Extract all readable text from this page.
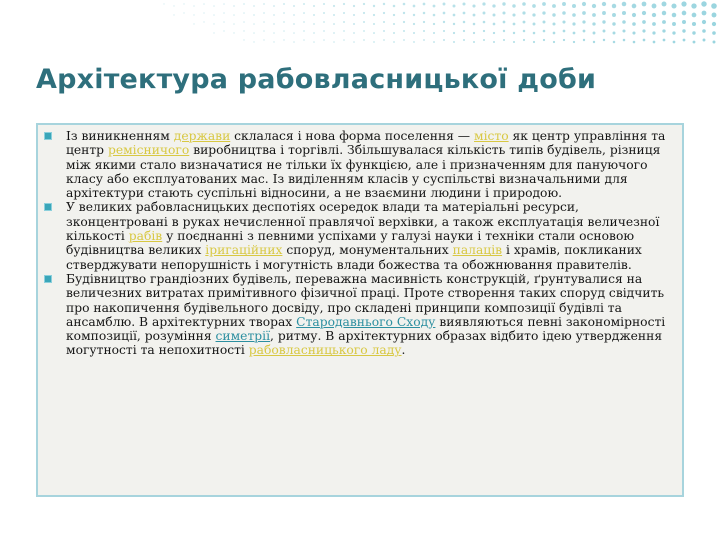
Архітектура рабовласницької доби
Із виникненням держави склалася і нова форма поселення — місто як центр управління та центр ремісничого виробництва і торгівлі. Збільшувалася кількість типів будівель, різниця між якими стало визначатися не тільки їх функцією, але і призначенням для пануючого класу або експлуатованих мас. Із виділенням класів у суспільстві визначальними для архітектури стають суспільні відносини, а не взаємини людини і природою.
У великих рабовласницьких деспотіях осередок влади та матеріальні ресурси, зконцентровані в руках нечисленної правлячої верхівки, а також експлуатація величезної кількості рабів у поєднанні з певними успіхами у галузі науки і техніки стали основою будівництва великих іригаційних споруд, монументальних палаців і храмів, покликаних стверджувати непорушність і могутність влади божества та обожнювання правителів.
Будівництво грандіозних будівель, переважна масивність конструкцій, ґрунтувалися на величезних витратах примітивного фізичної праці. Проте створення таких споруд свідчить про накопичення будівельного досвіду, про складені принципи композиції будівлі та ансамблю. В архітектурних творах Стародавнього Сходу виявляються певні закономірності композиції, розуміння симетрії, ритму. В архітектурних образах відбито ідею утвердження могутності та непохитності рабовласницького ладу.
